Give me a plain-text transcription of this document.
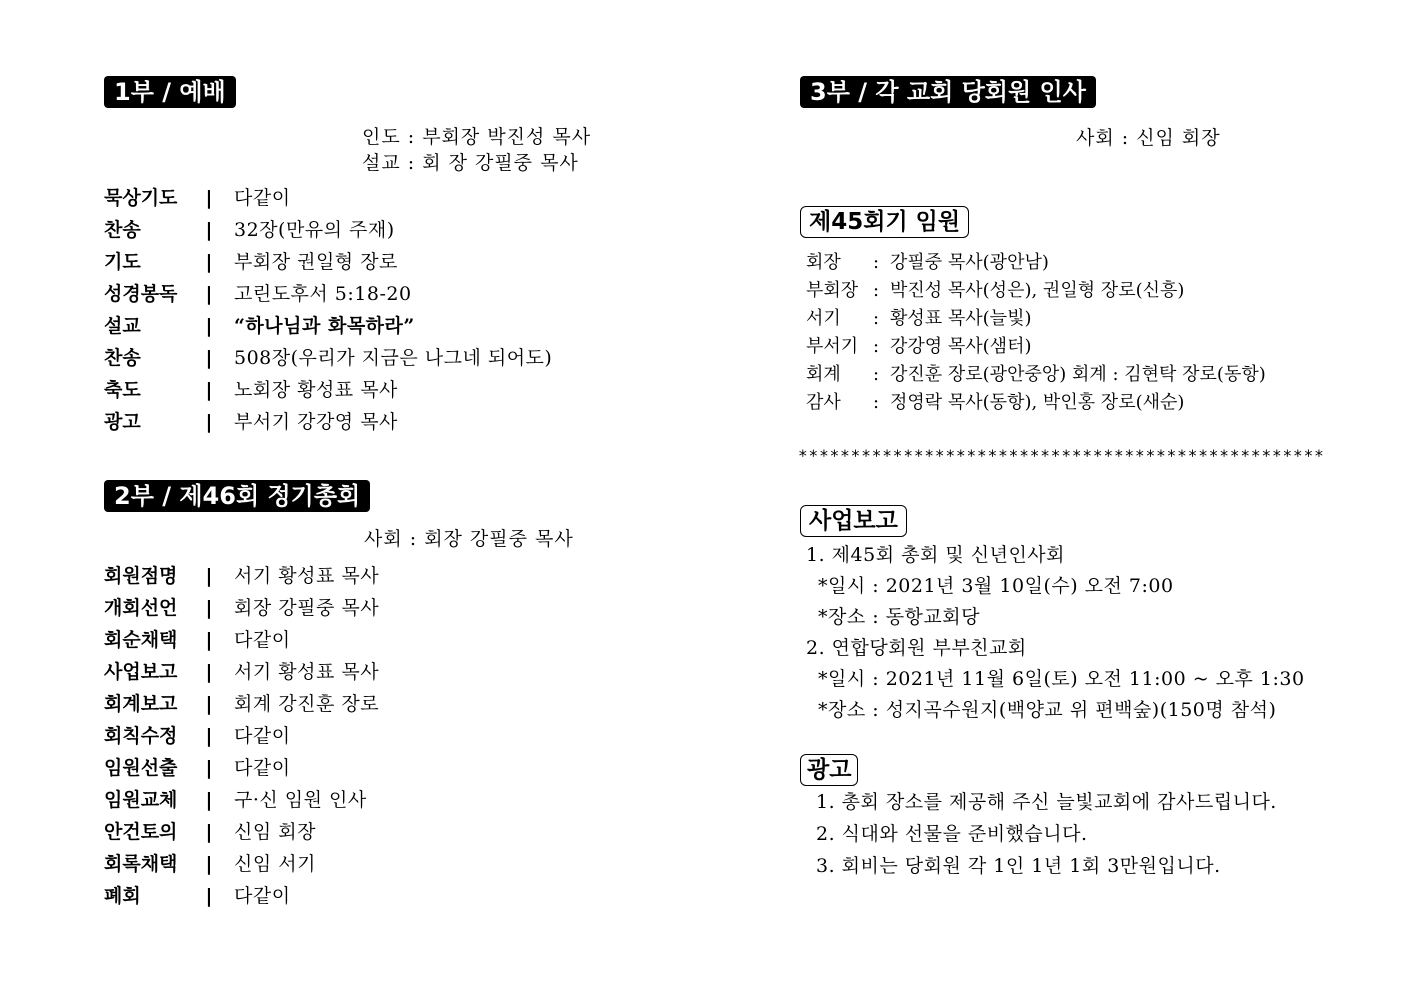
1부 / 예배
인도 : 부회장 박진성 목사
설교 : 회 장 강필중 목사
묵상기도 | 다같이
찬송	| 32장(만유의 주재)
기도	| 부회장 권일형 장로
성경봉독 | 고린도후서 5:18-20
설교	| “하나님과 화목하라”
찬송	| 508장(우리가 지금은 나그네 되어도)
축도	| 노회장 황성표 목사
광고	| 부서기 강강영 목사
2부 / 제46회 정기총회
사회 : 회장 강필중 목사
회원점명 | 서기 황성표 목사
개회선언 | 회장 강필중 목사
회순채택 | 다같이
사업보고 | 서기 황성표 목사
회계보고 | 회계 강진훈 장로
회칙수정 | 다같이
임원선출 | 다같이
임원교체 | 구·신 임원 인사
안건토의 | 신임 회장
회록채택 | 신임 서기
폐회	| 다같이
3부 / 각 교회 당회원 인사
사회 : 신임 회장
제45회기 임원
회장 : 강필중 목사(광안남)
부회장 : 박진성 목사(성은), 권일형 장로(신흥)
서기 : 황성표 목사(늘빛)
부서기 : 강강영 목사(샘터)
회계 : 강진훈 장로(광안중앙) 회계 : 김현탁 장로(동항)
감사 : 정영락 목사(동항), 박인홍 장로(새순)
**************************************************
사업보고
1. 제45회 총회 및 신년인사회
*일시 : 2021년 3월 10일(수) 오전 7:00
*장소 : 동항교회당
2. 연합당회원 부부친교회
*일시 : 2021년 11월 6일(토) 오전 11:00 ~ 오후 1:30
*장소 : 성지곡수원지(백양교 위 편백숲)(150명 참석)
광고
1. 총회 장소를 제공해 주신 늘빛교회에 감사드립니다.
2. 식대와 선물을 준비했습니다.
3. 회비는 당회원 각 1인 1년 1회 3만원입니다.
